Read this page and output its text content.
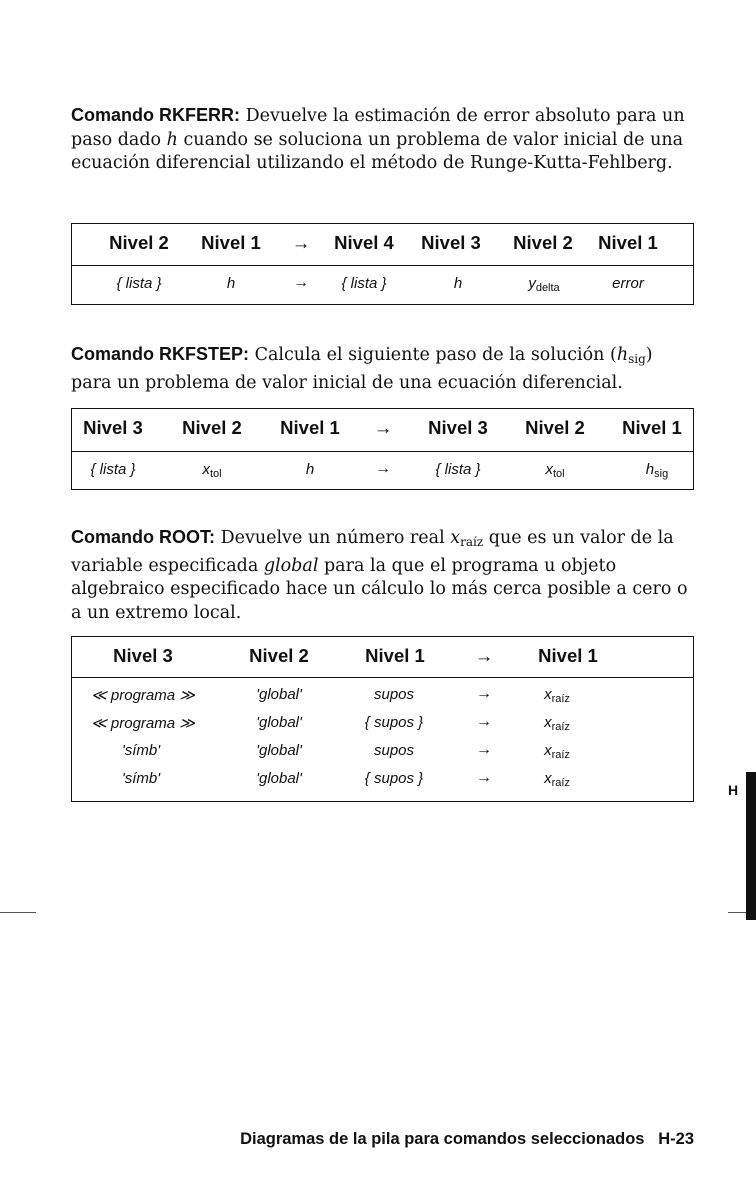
Comando RKFERR: Devuelve la estimación de error absoluto para un paso dado h cuando se soluciona un problema de valor inicial de una ecuación diferencial utilizando el método de Runge-Kutta-Fehlberg.
Nivel 2 Nivel 1 → Nivel 4 Nivel 3 Nivel 2 Nivel 1
{ lista }	h	→ { lista }	h	$y_{delta}$	error
Comando RKFSTEP: Calcula el siguiente paso de la solución $(h_{sig})$ para un problema de valor inicial de una ecuación diferencial.
Nivel 3 Nivel 2 Nivel 1 → Nivel 3 Nivel 2 Nivel 1
{ lista }	$x_{tol}$	h	→	{ lista }	$x_{tol}$	$h_{sig}$
Comando ROOT: Devuelve un número real $x_{raíz}$ que es un valor de la variable especificada global para la que el programa u objeto algebraico especificado hace un cálculo lo más cerca posible a cero o a un extremo local.
Nivel 3	Nivel 2	Nivel 1	→ Nivel 1
≪ programa ≫	'global'	supos	→	$x_{raíz}$
≪ programa ≫	'global'	{ supos }	→	$x_{raíz}$
'símb'	'global'	supos	→	$x_{raíz}$
'símb'	'global'	{ supos }	→	$x_{raíz}$	H
Diagramas de la pila para comandos seleccionados   H-23
